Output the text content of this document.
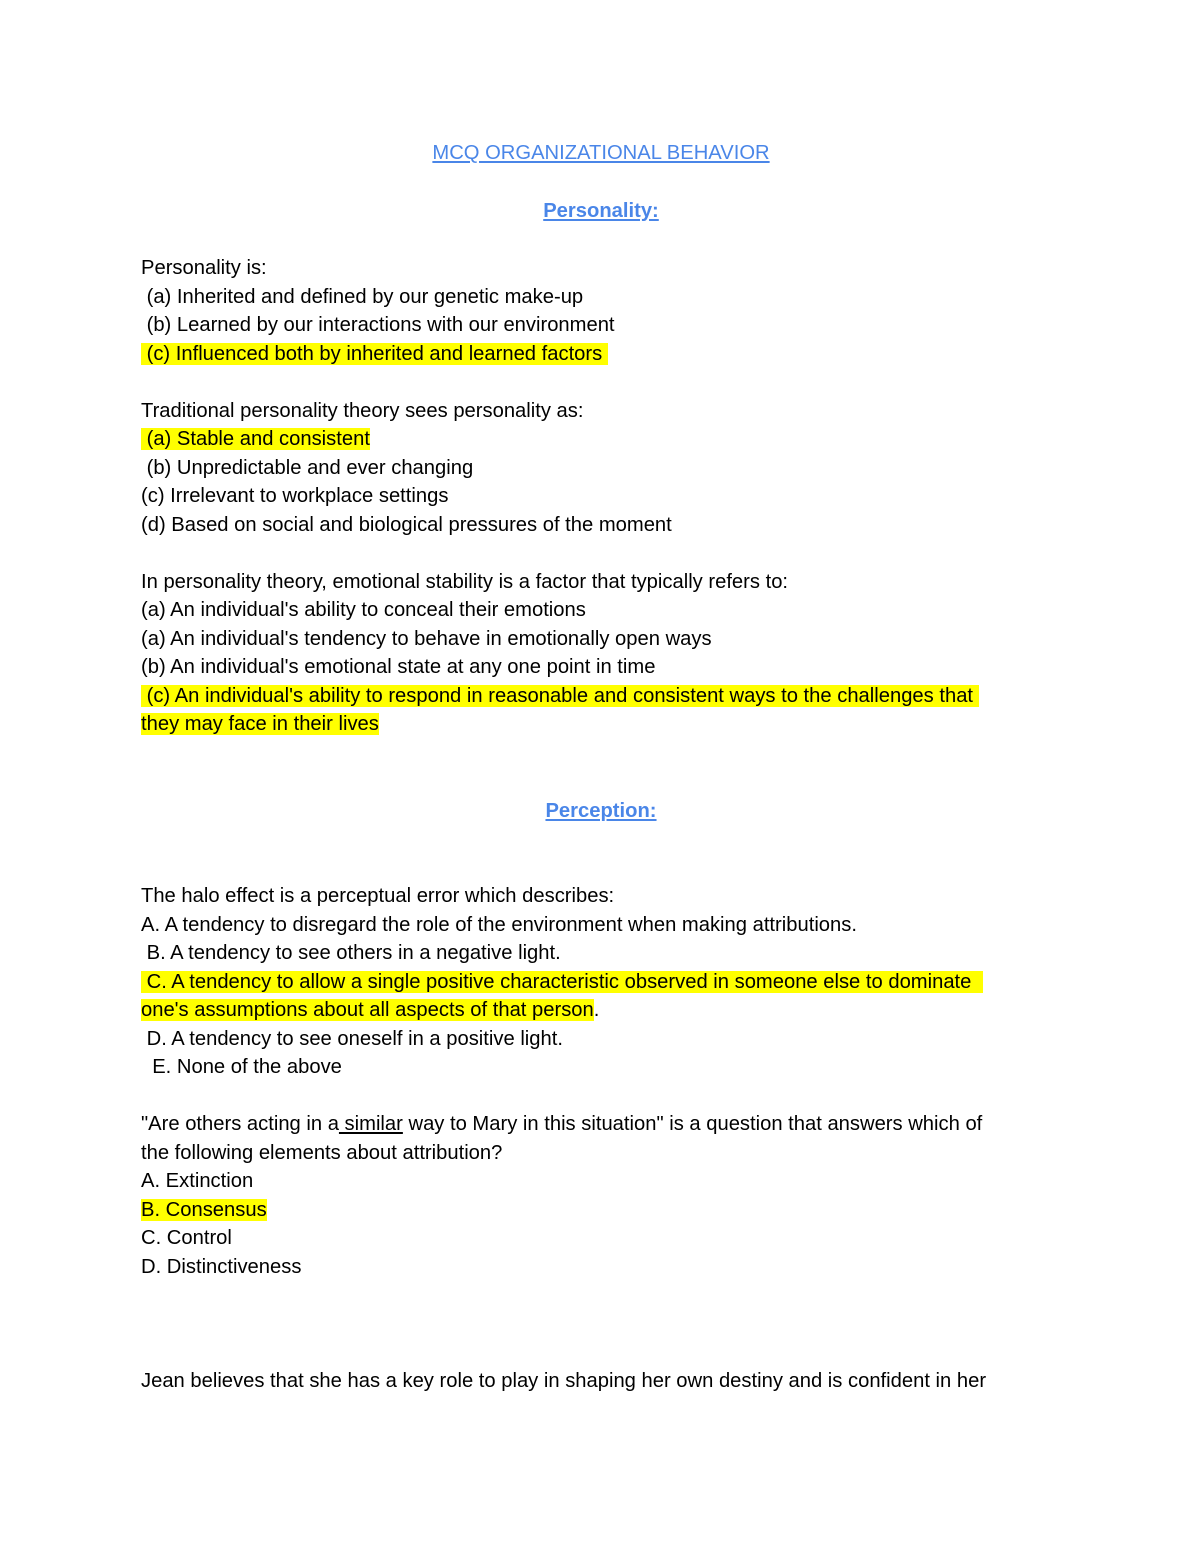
MCQ ORGANIZATIONAL BEHAVIOR
Personality:
Personality is:
(a) Inherited and defined by our genetic make-up
(b) Learned by our interactions with our environment
(c) Influenced both by inherited and learned factors
Traditional personality theory sees personality as:
(a) Stable and consistent
(b) Unpredictable and ever changing
(c) Irrelevant to workplace settings
(d) Based on social and biological pressures of the moment
In personality theory, emotional stability is a factor that typically refers to:
(a) An individual's ability to conceal their emotions
(a) An individual's tendency to behave in emotionally open ways
(b) An individual's emotional state at any one point in time
(c) An individual's ability to respond in reasonable and consistent ways to the challenges that
they may face in their lives
Perception:
The halo effect is a perceptual error which describes:
A. A tendency to disregard the role of the environment when making attributions.
B. A tendency to see others in a negative light.
C. A tendency to allow a single positive characteristic observed in someone else to dominate
one's assumptions about all aspects of that person.
D. A tendency to see oneself in a positive light.
E. None of the above
"Are others acting in a similar way to Mary in this situation" is a question that answers which of
the following elements about attribution?
A. Extinction
B. Consensus
C. Control
D. Distinctiveness
Jean believes that she has a key role to play in shaping her own destiny and is confident in her
